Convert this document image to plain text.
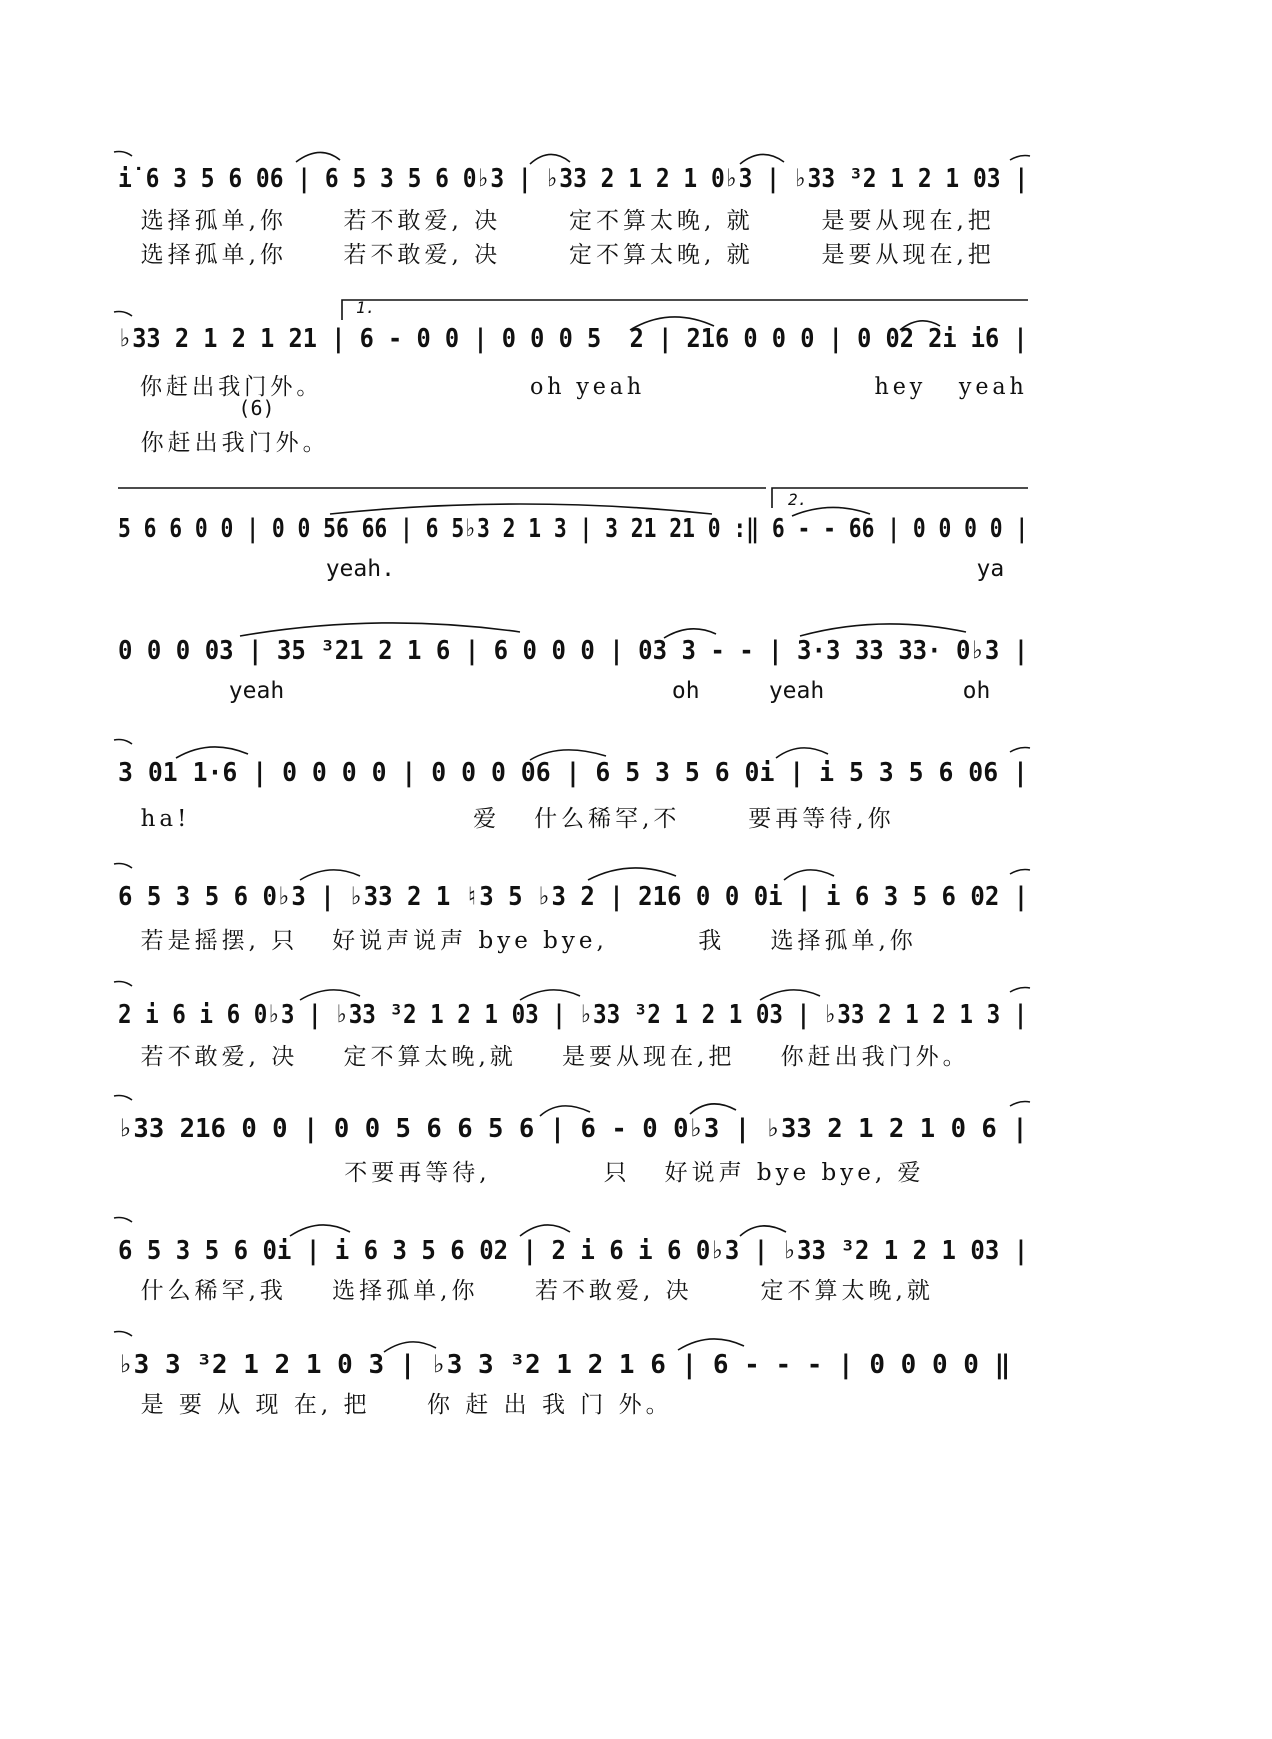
i̇ 6 3 5 6 06 | 6 5 3 5 6 0♭3 | ♭33 2 1 2 1 0♭3 | ♭33 ³2 1 2 1 03 |
选择孤单,你     若不敢爱, 决      定不算太晚, 就      是要从现在,把
选择孤单,你     若不敢爱, 决      定不算太晚, 就      是要从现在,把
♭33 2 1 2 1 21 | 6 - 0 0 | 0 0 0 5  2 | 216 0 0 0 | 0 02 2i i6 |
1.
你赶出我门外。                   oh yeah                     hey   yeah
(6)
你赶出我门外。
5 6 6 0 0 | 0 0 56 66 | 6 5♭3 2 1 3 | 3 21 21 0 :‖ 6 - - 66 | 0 0 0 0 |
2.
yeah.                                          ya
0 0 0 03 | 35 ³21 2 1 6 | 6 0 0 0 | 03 3 - - | 3·3 33 33· 0♭3 |
yeah                            oh     yeah          oh
3 01 1·6 | 0 0 0 0 | 0 0 0 06 | 6 5 3 5 6 0i | i 5 3 5 6 06 |
ha!                         爱   什么稀罕,不      要再等待,你
6 5 3 5 6 0♭3 | ♭33 2 1 ♮3 5 ♭3 2 | 216 0 0 0i | i 6 3 5 6 02 |
若是摇摆, 只   好说声说声 bye bye,        我    选择孤单,你
2 i 6 i 6 0♭3 | ♭33 ³2 1 2 1 03 | ♭33 ³2 1 2 1 03 | ♭33 2 1 2 1 3 |
若不敢爱, 决    定不算太晚,就    是要从现在,把    你赶出我门外。
♭33 216 0 0 | 0 0 5 6 6 5 6 | 6 - 0 0♭3 | ♭33 2 1 2 1 0 6 |
不要再等待,          只   好说声 bye bye, 爱
6 5 3 5 6 0i | i 6 3 5 6 02 | 2 i 6 i 6 0♭3 | ♭33 ³2 1 2 1 03 |
什么稀罕,我    选择孤单,你     若不敢爱, 决      定不算太晚,就
♭3 3 ³2 1 2 1 0 3 | ♭3 3 ³2 1 2 1 6 | 6 - - - | 0 0 0 0 ‖
是 要 从 现 在, 把     你 赶 出 我 门 外。
